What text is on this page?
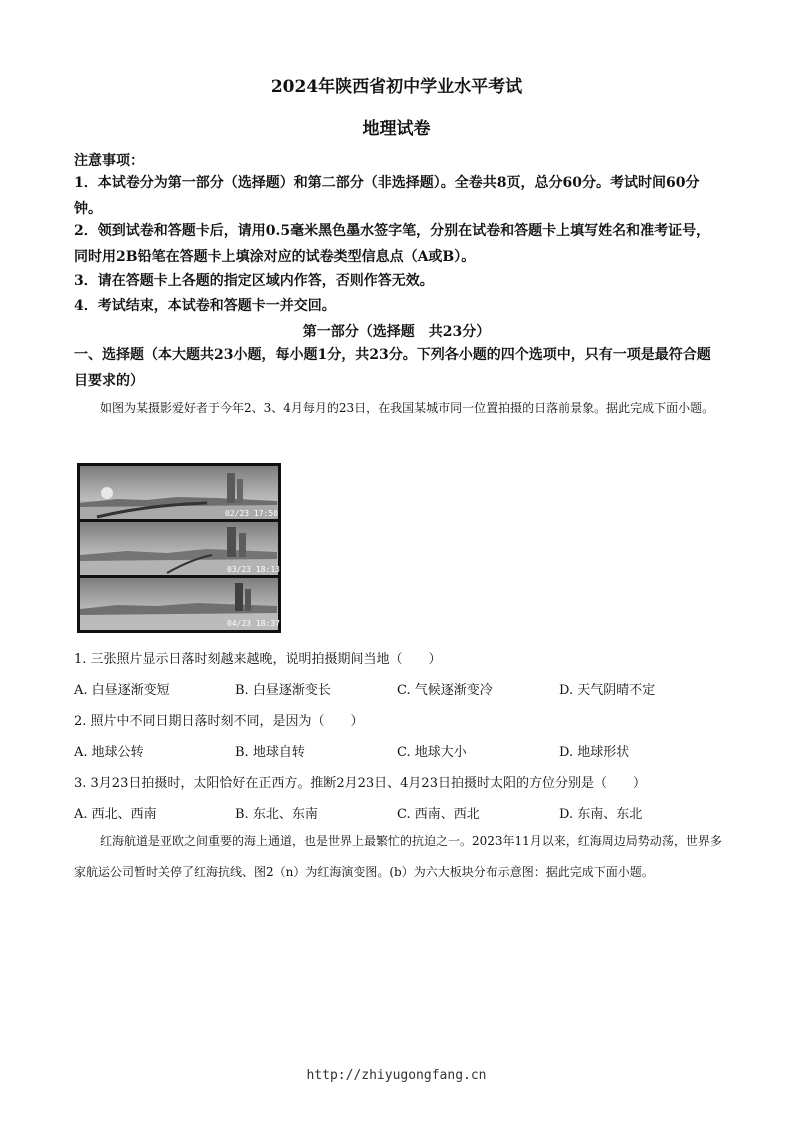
2024年陕西省初中学业水平考试
地理试卷
注意事项：
1．本试卷分为第一部分（选择题）和第二部分（非选择题）。全卷共8页，总分60分。考试时间60分钟。
2．领到试卷和答题卡后，请用0.5毫米黑色墨水签字笔，分别在试卷和答题卡上填写姓名和准考证号，同时用2B铅笔在答题卡上填涂对应的试卷类型信息点（A或B）。
3．请在答题卡上各题的指定区域内作答，否则作答无效。
4．考试结束，本试卷和答题卡一并交回。
第一部分（选择题　共23分）
一、选择题（本大题共23小题，每小题1分，共23分。下列各小题的四个选项中，只有一项是最符合题目要求的）
如图为某摄影爱好者于今年2、3、4月每月的23日，在我国某城市同一位置拍摄的日落前景象。据此完成下面小题。
02/23 17:50
03/23 18:13
04/23 18:37
1. 三张照片显示日落时刻越来越晚，说明拍摄期间当地（　　）
A. 白昼逐渐变短	B. 白昼逐渐变长	C. 气候逐渐变冷	D. 天气阴晴不定
2. 照片中不同日期日落时刻不同，是因为（　　）
A. 地球公转	B. 地球自转	C. 地球大小	D. 地球形状
3. 3月23日拍摄时，太阳恰好在正西方。推断2月23日、4月23日拍摄时太阳的方位分别是（　　）
A. 西北、西南	B. 东北、东南	C. 西南、西北	D. 东南、东北
红海航道是亚欧之间重要的海上通道，也是世界上最繁忙的抗迫之一。2023年11月以来，红海周边局势动荡，世界多家航运公司暂时关停了红海抗线、图2（n）为红海演变图。(b）为六大板块分布示意图：据此完成下面小题。
http://zhiyugongfang.cn
